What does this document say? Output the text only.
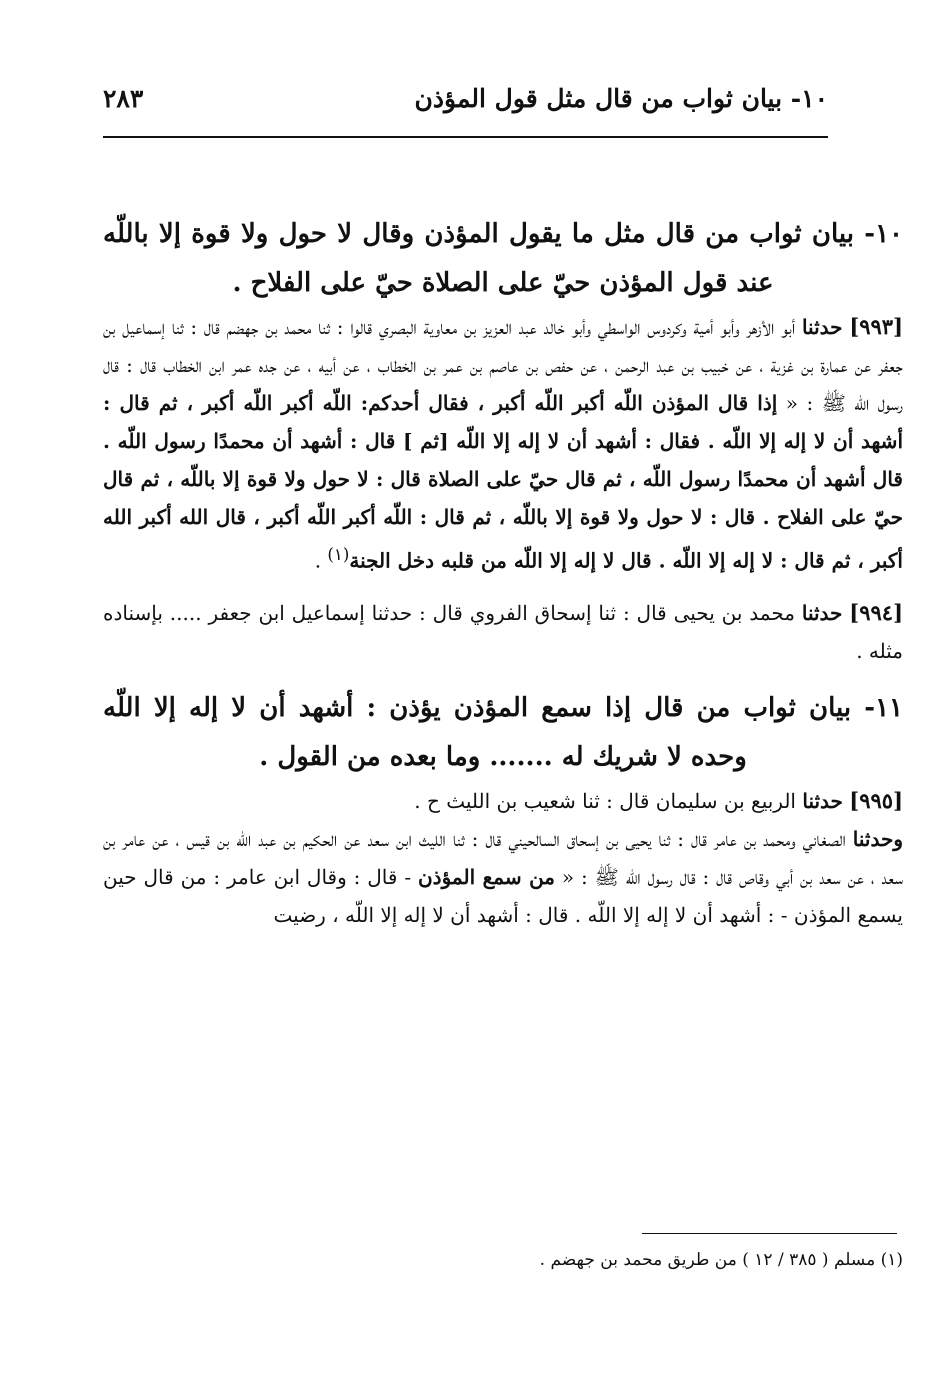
١٠- بيان ثواب من قال مثل قول المؤذن
٢٨٣

١٠- بيان ثواب من قال مثل ما يقول المؤذن وقال لا حول ولا قوة إلا باللّه عند قول المؤذن حيّ على الصلاة حيّ على الفلاح .

[٩٩٣] حدثنا أبو الأزهر وأبو أمية وكردوس الواسطي وأبو خالد عبد العزيز بن معاوية البصري قالوا : ثنا محمد بن جهضم قال : ثنا إسماعيل بن جعفر عن عمارة بن غزية ، عن خبيب بن عبد الرحمن ، عن حفص بن عاصم بن عمر بن الخطاب ، عن أبيه ، عن جده عمر ابن الخطاب قال : قال رسول اللّه ﷺ : « إذا قال المؤذن اللّه أكبر اللّه أكبر ، فقال أحدكم: اللّه أكبر اللّه أكبر ، ثم قال : أشهد أن لا إله إلا اللّه . فقال : أشهد أن لا إله إلا اللّه [ثم ] قال : أشهد أن محمدًا رسول اللّه . قال أشهد أن محمدًا رسول اللّه ، ثم قال حيّ على الصلاة قال : لا حول ولا قوة إلا باللّه ، ثم قال حيّ على الفلاح . قال : لا حول ولا قوة إلا باللّه ، ثم قال : اللّه أكبر اللّه أكبر ، قال الله أكبر الله أكبر ، ثم قال : لا إله إلا اللّه . قال لا إله إلا اللّه من قلبه دخل الجنة$^{(١)}$ .

[٩٩٤] حدثنا محمد بن يحيى قال : ثنا إسحاق الفروي قال : حدثنا إسماعيل ابن جعفر ..... بإسناده مثله .

١١- بيان ثواب من قال إذا سمع المؤذن يؤذن : أشهد أن لا إله إلا اللّه وحده لا شريك له ....... وما بعده من القول .

[٩٩٥] حدثنا الربيع بن سليمان قال : ثنا شعيب بن الليث ح .

وحدثنا الصغاني ومحمد بن عامر قال : ثنا يحيى بن إسحاق السالحيني قال : ثنا الليث ابن سعد عن الحكيم بن عبد اللّه بن قيس ، عن عامر بن سعد ، عن سعد بن أبي وقاص قال : قال رسول اللّه ﷺ : « من سمع المؤذن - قال : وقال ابن عامر : من قال حين يسمع المؤذن - : أشهد أن لا إله إلا اللّه . قال : أشهد أن لا إله إلا اللّه ، رضيت

(١) مسلم ( ٣٨٥ / ١٢ ) من طريق محمد بن جهضم .
